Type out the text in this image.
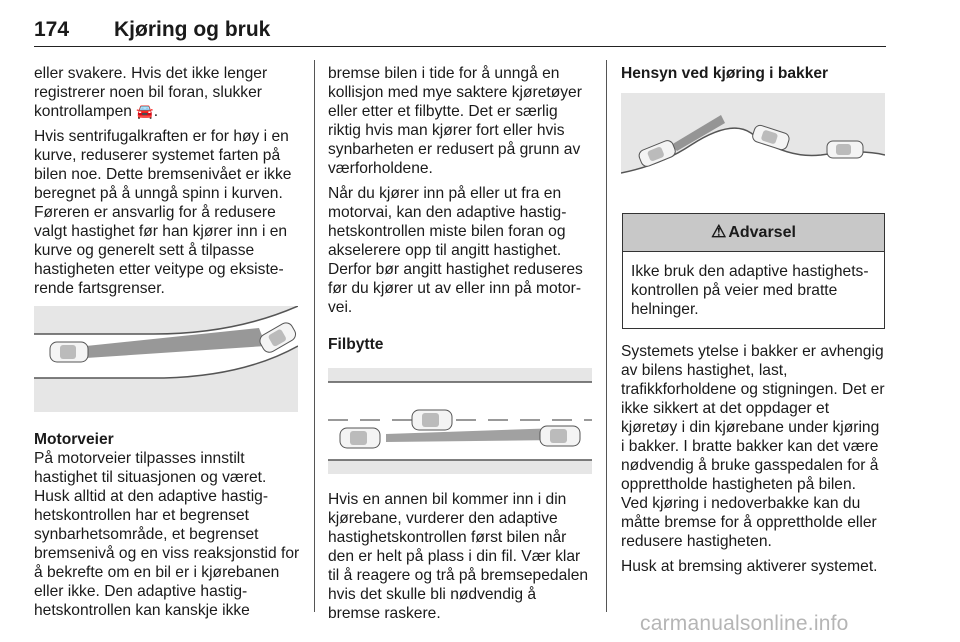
174 Kjøring og bruk

eller svakere. Hvis det ikke lenger registrerer noen bil foran, slukker kontrollampen 🚘.

Hvis sentrifugalkraften er for høy i en kurve, reduserer systemet farten på bilen noe. Dette bremsenivået er ikke beregnet på å unngå spinn i kurven. Føreren er ansvarlig for å redusere valgt hastighet før han kjører inn i en kurve og generelt sett å tilpasse hastigheten etter veitype og eksisterende fartsgrenser.

Motorveier

På motorveier tilpasses innstilt hastighet til situasjonen og været. Husk alltid at den adaptive hastighetskontrollen har et begrenset synbarhetsområde, et begrenset bremsenivå og en viss reaksjonstid for å bekrefte om en bil er i kjørebanen eller ikke. Den adaptive hastighetskontrollen kan kanskje ikke

bremse bilen i tide for å unngå en kollisjon med mye saktere kjøretøyer eller etter et filbytte. Det er særlig riktig hvis man kjører fort eller hvis synbarheten er redusert på grunn av værforholdene.

Når du kjører inn på eller ut fra en motorvai, kan den adaptive hastighetskontrollen miste bilen foran og akselerere opp til angitt hastighet. Derfor bør angitt hastighet reduseres før du kjører ut av eller inn på motorvei.

Filbytte

Hvis en annen bil kommer inn i din kjørebane, vurderer den adaptive hastighetskontrollen først bilen når den er helt på plass i din fil. Vær klar til å reagere og trå på bremsepedalen hvis det skulle bli nødvendig å bremse raskere.

Hensyn ved kjøring i bakker

⚠ Advarsel
Ikke bruk den adaptive hastighetskontrollen på veier med bratte helninger.

Systemets ytelse i bakker er avhengig av bilens hastighet, last, trafikkforholdene og stigningen. Det er ikke sikkert at det oppdager et kjøretøy i din kjørebane under kjøring i bakker. I bratte bakker kan det være nødvendig å bruke gasspedalen for å opprettholde hastigheten på bilen. Ved kjøring i nedoverbakke kan du måtte bremse for å opprettholde eller redusere hastigheten.

Husk at bremsing aktiverer systemet.

carmanualsonline.info
